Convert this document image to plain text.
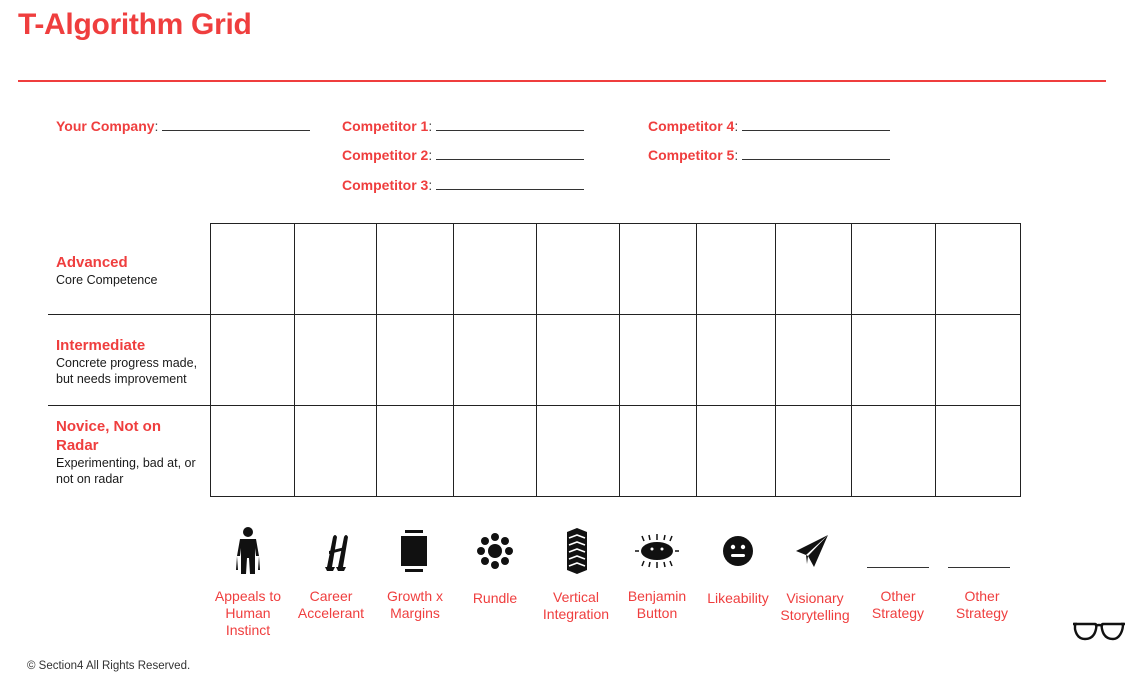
T-Algorithm Grid
Your Company:	Competitor 1:
Competitor 2:
Competitor 3:
Competitor 4:
Competitor 5:
Advanced
Core Competence
Intermediate
Concrete progress made, but needs improvement
Novice, Not on Radar
Experimenting, bad at, or not on radar
Appeals to Human Instinct
Career Accelerant
Growth x Margins
Rundle	Vertical Integration
Benjamin Button
Likeability	Visionary Storytelling
Other Strategy
Other Strategy
© Section4 All Rights Reserved.
